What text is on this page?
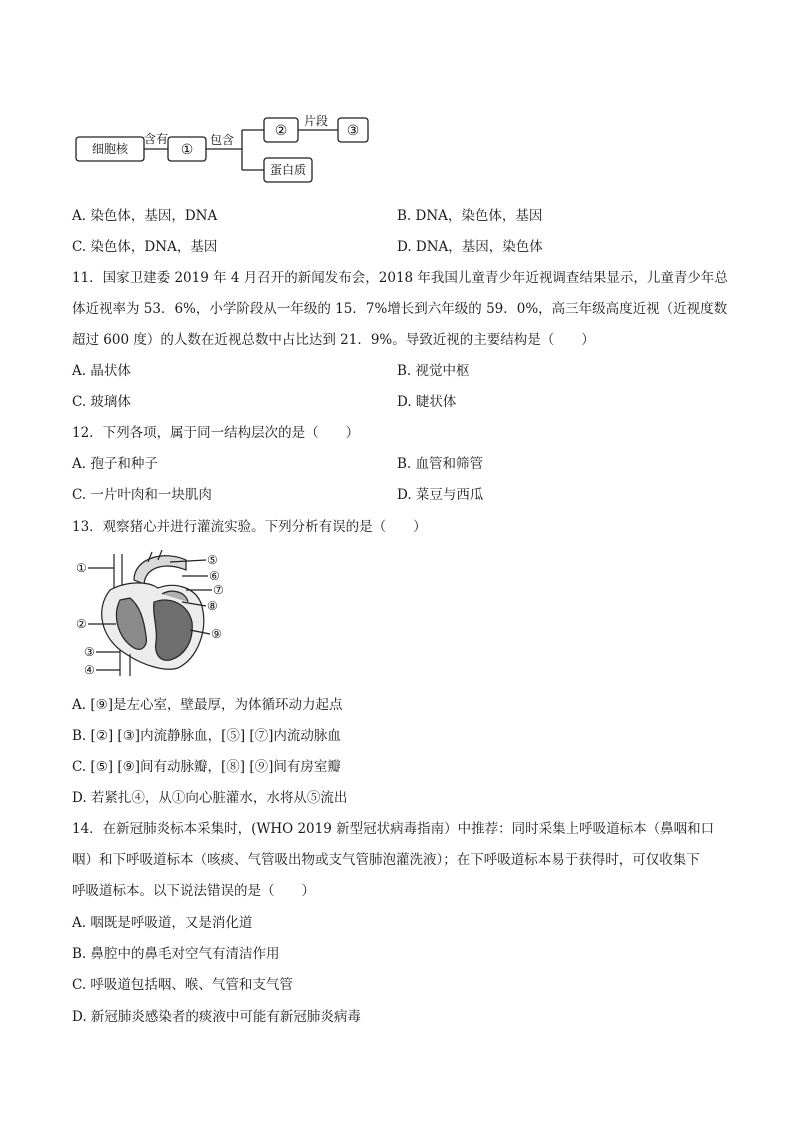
细胞核
含有
①
包含
②
片段
③
蛋白质
A. 染色体，基因，DNA	B. DNA，染色体，基因
C. 染色体，DNA，基因	D. DNA，基因，染色体
11．国家卫建委 2019 年 4 月召开的新闻发布会，2018 年我国儿童青少年近视调查结果显示，儿童青少年总
体近视率为 53．6%，小学阶段从一年级的 15．7%增长到六年级的 59．0%，高三年级高度近视（近视度数
超过 600 度）的人数在近视总数中占比达到 21．9%。导致近视的主要结构是（　　）
A. 晶状体	B. 视觉中枢
C. 玻璃体	D. 睫状体
12．下列各项，属于同一结构层次的是（　　）
A. 孢子和种子	B. 血管和筛管
C. 一片叶肉和一块肌肉	D. 菜豆与西瓜
13．观察猪心并进行灌流实验。下列分析有误的是（　　）
①
②
③
④
⑤
⑥
⑦
⑧
⑨
A. [⑨]是左心室，壁最厚，为体循环动力起点
B. [②] [③]内流静脉血，[⑤] [⑦]内流动脉血
C. [⑤] [⑨]间有动脉瓣，[⑧] [⑨]间有房室瓣
D. 若紧扎④，从①向心脏灌水，水将从⑤流出
14．在新冠肺炎标本采集时，(WHO 2019 新型冠状病毒指南）中推荐：同时采集上呼吸道标本（鼻咽和口
咽）和下呼吸道标本（咳痰、气管吸出物或支气管肺泡灌洗液）；在下呼吸道标本易于获得时，可仅收集下
呼吸道标本。以下说法错误的是（　　）
A. 咽既是呼吸道，又是消化道
B. 鼻腔中的鼻毛对空气有清洁作用
C. 呼吸道包括咽、喉、气管和支气管
D. 新冠肺炎感染者的痰液中可能有新冠肺炎病毒
